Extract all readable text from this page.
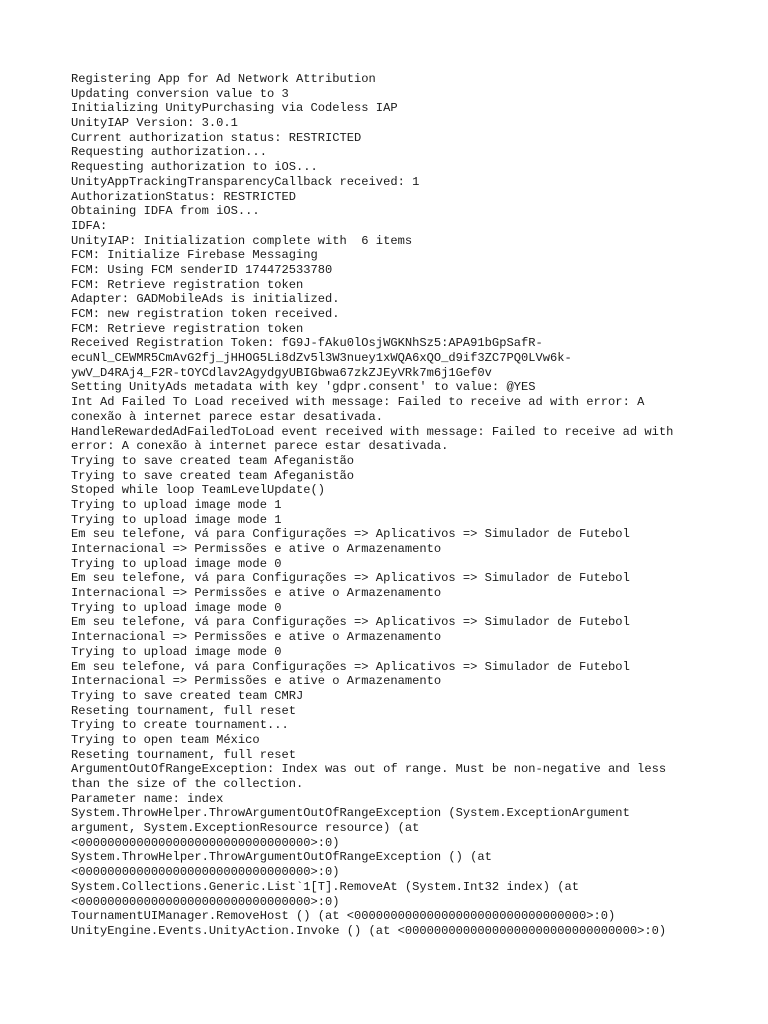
Registering App for Ad Network Attribution
Updating conversion value to 3
Initializing UnityPurchasing via Codeless IAP
UnityIAP Version: 3.0.1
Current authorization status: RESTRICTED
Requesting authorization...
Requesting authorization to iOS...
UnityAppTrackingTransparencyCallback received: 1
AuthorizationStatus: RESTRICTED
Obtaining IDFA from iOS...
IDFA:
UnityIAP: Initialization complete with  6 items
FCM: Initialize Firebase Messaging
FCM: Using FCM senderID 174472533780
FCM: Retrieve registration token
Adapter: GADMobileAds is initialized.
FCM: new registration token received.
FCM: Retrieve registration token
Received Registration Token: fG9J-fAku0lOsjWGKNhSz5:APA91bGpSafR-
ecuNl_CEWMR5CmAvG2fj_jHHOG5Li8dZv5l3W3nuey1xWQA6xQO_d9if3ZC7PQ0LVw6k-
ywV_D4RAj4_F2R-tOYCdlav2AgydgyUBIGbwa67zkZJEyVRk7m6j1Gef0v
Setting UnityAds metadata with key 'gdpr.consent' to value: @YES
Int Ad Failed To Load received with message: Failed to receive ad with error: A
conexão à internet parece estar desativada.
HandleRewardedAdFailedToLoad event received with message: Failed to receive ad with
error: A conexão à internet parece estar desativada.
Trying to save created team Afeganistão
Trying to save created team Afeganistão
Stoped while loop TeamLevelUpdate()
Trying to upload image mode 1
Trying to upload image mode 1
Em seu telefone, vá para Configurações => Aplicativos => Simulador de Futebol
Internacional => Permissões e ative o Armazenamento
Trying to upload image mode 0
Em seu telefone, vá para Configurações => Aplicativos => Simulador de Futebol
Internacional => Permissões e ative o Armazenamento
Trying to upload image mode 0
Em seu telefone, vá para Configurações => Aplicativos => Simulador de Futebol
Internacional => Permissões e ative o Armazenamento
Trying to upload image mode 0
Em seu telefone, vá para Configurações => Aplicativos => Simulador de Futebol
Internacional => Permissões e ative o Armazenamento
Trying to save created team CMRJ
Reseting tournament, full reset
Trying to create tournament...
Trying to open team México
Reseting tournament, full reset
ArgumentOutOfRangeException: Index was out of range. Must be non-negative and less
than the size of the collection.
Parameter name: index
System.ThrowHelper.ThrowArgumentOutOfRangeException (System.ExceptionArgument
argument, System.ExceptionResource resource) (at
<00000000000000000000000000000000>:0)
System.ThrowHelper.ThrowArgumentOutOfRangeException () (at
<00000000000000000000000000000000>:0)
System.Collections.Generic.List`1[T].RemoveAt (System.Int32 index) (at
<00000000000000000000000000000000>:0)
TournamentUIManager.RemoveHost () (at <00000000000000000000000000000000>:0)
UnityEngine.Events.UnityAction.Invoke () (at <00000000000000000000000000000000>:0)
